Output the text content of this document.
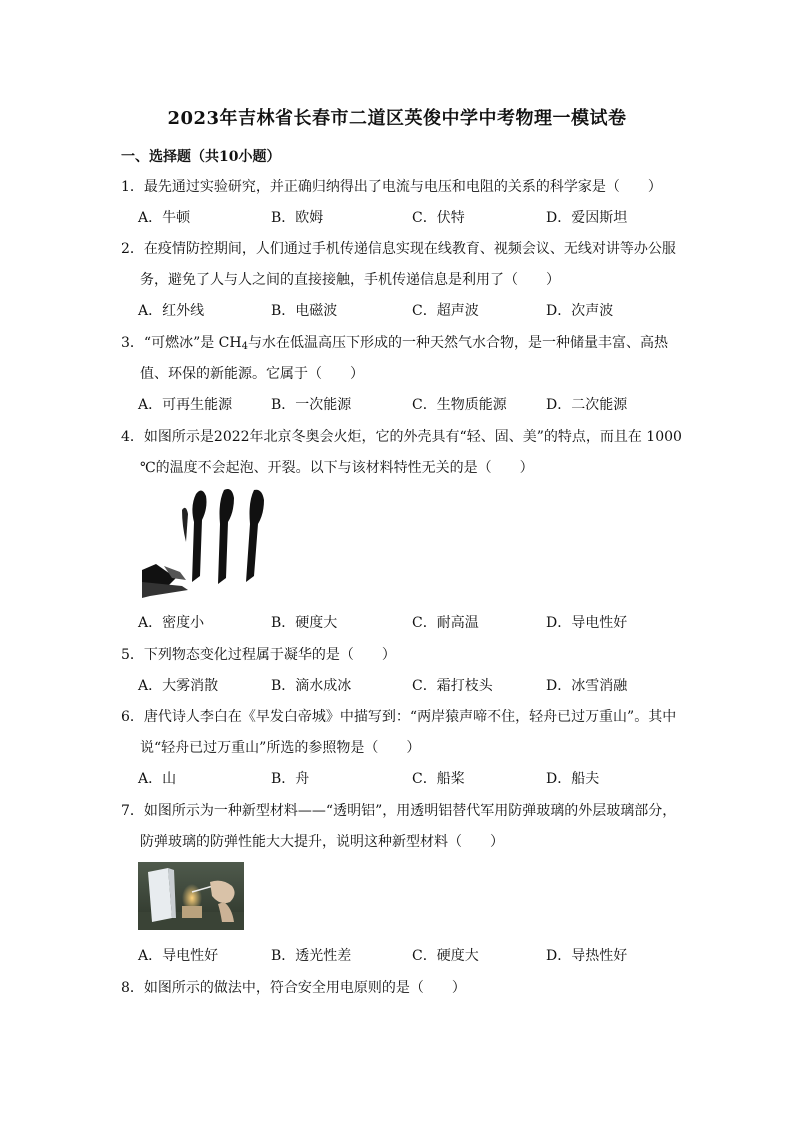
2023年吉林省长春市二道区英俊中学中考物理一模试卷
一、选择题（共10小题）
1．最先通过实验研究，并正确归纳得出了电流与电压和电阻的关系的科学家是（　　）
A．牛顿	B．欧姆	C．伏特	D．爱因斯坦
2．在疫情防控期间，人们通过手机传递信息实现在线教育、视频会议、无线对讲等办公服
务，避免了人与人之间的直接接触，手机传递信息是利用了（　　）
A．红外线	B．电磁波	C．超声波	D．次声波
3．“可燃冰”是 $CH_4$与水在低温高压下形成的一种天然气水合物，是一种储量丰富、高热
值、环保的新能源。它属于（　　）
A．可再生能源	B．一次能源	C．生物质能源	D．二次能源
4．如图所示是2022年北京冬奥会火炬，它的外壳具有“轻、固、美”的特点，而且在 1000
℃的温度不会起泡、开裂。以下与该材料特性无关的是（　　）
A．密度小	B．硬度大	C．耐高温	D．导电性好
5．下列物态变化过程属于凝华的是（　　）
A．大雾消散	B．滴水成冰	C．霜打枝头	D．冰雪消融
6．唐代诗人李白在《早发白帝城》中描写到：“两岸猿声啼不住，轻舟已过万重山”。其中
说“轻舟已过万重山”所选的参照物是（　　）
A．山	B．舟	C．船桨	D．船夫
7．如图所示为一种新型材料——“透明铝”，用透明铝替代军用防弹玻璃的外层玻璃部分，
防弹玻璃的防弹性能大大提升，说明这种新型材料（　　）
A．导电性好	B．透光性差	C．硬度大	D．导热性好
8．如图所示的做法中，符合安全用电原则的是（　　）
